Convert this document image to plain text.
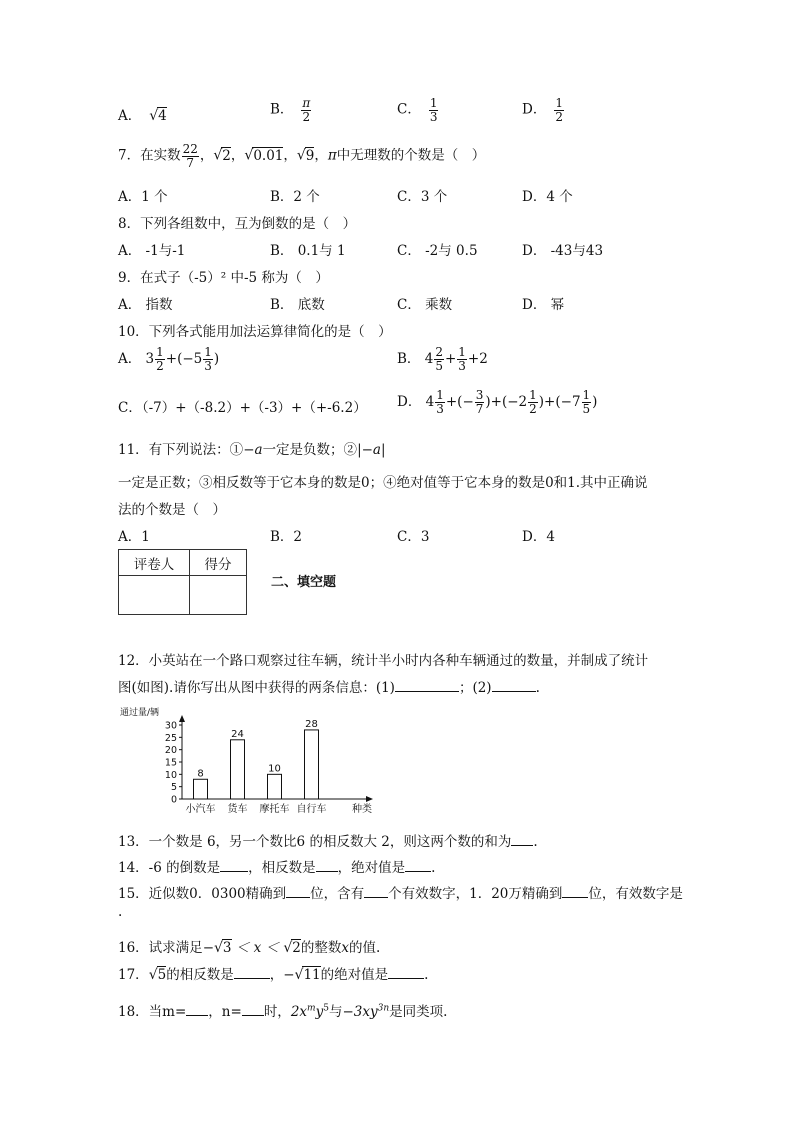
A． √4	B． $\frac{\pi}{2}$	C． $\frac{1}{3}$	D． $\frac{1}{2}$
7．在实数 $\frac{22}{7}$ ，√2，√0.01，√9，π中无理数的个数是（　）
A．1 个	B．2 个	C．3 个	D．4 个
8．下列各组数中，互为倒数的是（　）
A． -1与-1	B． 0.1与 1	C． -2与 0.5	D． -43与43
9．在式子（-5）² 中-5 称为（　）
A． 指数	B． 底数	C． 乘数	D． 幂
10．下列各式能用加法运算律简化的是（　）
A． $3 \frac{1}{2} +(-5 \frac{1}{3}$ )	B． $4 \frac{2}{5} + \frac{1}{3} +2$
C．（-7）+（-8.2）+（-3）+（+-6.2） D． $4 \frac{1}{3}$ +(− $\frac{3}{7} )+(-2 \frac{1}{2} )+(-7 \frac{1}{5}$ )
11．有下列说法：①−a一定是负数；②|−a|
一定是正数；③相反数等于它本身的数是0；④绝对值等于它本身的数是0和1.其中正确说
法的个数是（　）
A．1	B．2	C．3	D．4
评卷人	得分

二、填空题
12．小英站在一个路口观察过往车辆，统计半小时内各种车辆通过的数量，并制成了统计
图(如图).请你写出从图中获得的两条信息：(1)	；(2)	.
通过量/辆
0
5
10
15
20
25
30
8
小汽车
24
货车
10
摩托车
28
自行车	种类
13．一个数是 6，另一个数比6 的相反数大 2，则这两个数的和为 .
14．-6 的倒数是 ，相反数是 ，绝对值是 .
15．近似数0．0300精确到 位，含有 个有效数字，1．20万精确到 位，有效数字是
.
16．试求满足−√3 ＜ x ＜ √2的整数x的值.
17．√5的相反数是	，−√11的绝对值是	.
18．当m= ，n= 时，$2x^my^5$与$-3xy^{3n}$是同类项.
